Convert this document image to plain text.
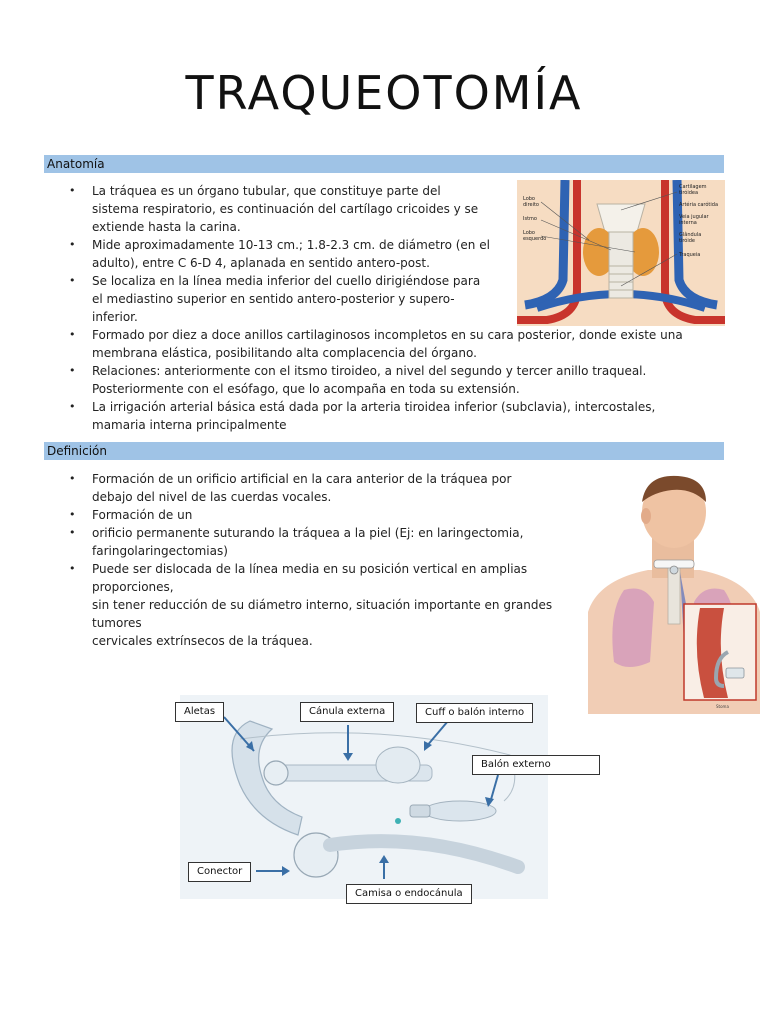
TRAQUEOTOMÍA
Anatomía
• La tráquea es un órgano tubular, que constituye parte del
sistema respiratorio, es continuación del cartílago cricoides y se
extiende hasta la carina.
• Mide aproximadamente 10-13 cm.; 1.8-2.3 cm. de diámetro (en el
adulto), entre C 6-D 4, aplanada en sentido antero-post.
• Se localiza en la línea media inferior del cuello dirigiéndose para
el mediastino superior en sentido antero-posterior y supero-
inferior.
• Formado por diez a doce anillos cartilaginosos incompletos en su cara posterior, donde existe una
membrana elástica, posibilitando alta complacencia del órgano.
• Relaciones: anteriormente con el itsmo tiroideo, a nivel del segundo y tercer anillo traqueal.
Posteriormente con el esófago, que lo acompaña en toda su extensión.
• La irrigación arterial básica está dada por la arteria tiroidea inferior (subclavia), intercostales,
mamaria interna principalmente
Lobo direito Istmo Lobo esquerdo
Cartilagem tiróidea Artéria carótida Veia jugular interna Glândula tiróide Traqueia
Definición
• Formación de un orificio artificial en la cara anterior de la tráquea por
debajo del nivel de las cuerdas vocales.
• Formación de un
• orificio permanente suturando la tráquea a la piel (Ej: en laringectomia,
faringolaringectomias)
• Puede ser dislocada de la línea media en su posición vertical en amplias
proporciones,
sin tener reducción de su diámetro interno, situación importante en grandes
tumores
cervicales extrínsecos de la tráquea.
Stoma
Aletas	Cánula externa	Cuff o balón interno
Balón externo
Conector
Camisa o endocánula
